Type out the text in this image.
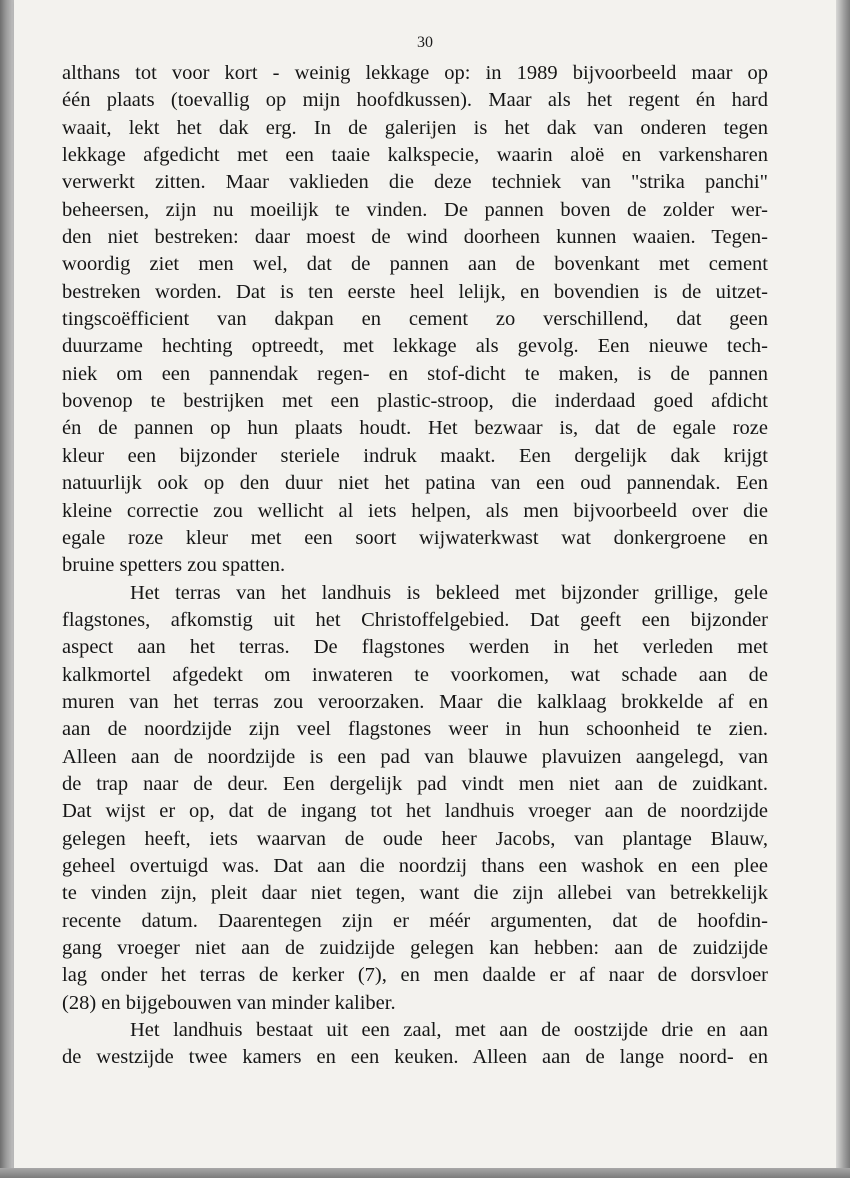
30
althans tot voor kort - weinig lekkage op: in 1989 bijvoorbeeld maar op
één plaats (toevallig op mijn hoofdkussen). Maar als het regent én hard
waait, lekt het dak erg. In de galerijen is het dak van onderen tegen
lekkage afgedicht met een taaie kalkspecie, waarin aloë en varkensharen
verwerkt zitten. Maar vaklieden die deze techniek van "strika panchi"
beheersen, zijn nu moeilijk te vinden. De pannen boven de zolder wer-
den niet bestreken: daar moest de wind doorheen kunnen waaien. Tegen-
woordig ziet men wel, dat de pannen aan de bovenkant met cement
bestreken worden. Dat is ten eerste heel lelijk, en bovendien is de uitzet-
tingscoëfficient van dakpan en cement zo verschillend, dat geen
duurzame hechting optreedt, met lekkage als gevolg. Een nieuwe tech-
niek om een pannendak regen- en stof-dicht te maken, is de pannen
bovenop te bestrijken met een plastic-stroop, die inderdaad goed afdicht
én de pannen op hun plaats houdt. Het bezwaar is, dat de egale roze
kleur een bijzonder steriele indruk maakt. Een dergelijk dak krijgt
natuurlijk ook op den duur niet het patina van een oud pannendak. Een
kleine correctie zou wellicht al iets helpen, als men bijvoorbeeld over die
egale roze kleur met een soort wijwaterkwast wat donkergroene en
bruine spetters zou spatten.
Het terras van het landhuis is bekleed met bijzonder grillige, gele
flagstones, afkomstig uit het Christoffelgebied. Dat geeft een bijzonder
aspect aan het terras. De flagstones werden in het verleden met
kalkmortel afgedekt om inwateren te voorkomen, wat schade aan de
muren van het terras zou veroorzaken. Maar die kalklaag brokkelde af en
aan de noordzijde zijn veel flagstones weer in hun schoonheid te zien.
Alleen aan de noordzijde is een pad van blauwe plavuizen aangelegd, van
de trap naar de deur. Een dergelijk pad vindt men niet aan de zuidkant.
Dat wijst er op, dat de ingang tot het landhuis vroeger aan de noordzijde
gelegen heeft, iets waarvan de oude heer Jacobs, van plantage Blauw,
geheel overtuigd was. Dat aan die noordzij thans een washok en een plee
te vinden zijn, pleit daar niet tegen, want die zijn allebei van betrekkelijk
recente datum. Daarentegen zijn er méér argumenten, dat de hoofdin-
gang vroeger niet aan de zuidzijde gelegen kan hebben: aan de zuidzijde
lag onder het terras de kerker (7), en men daalde er af naar de dorsvloer
(28) en bijgebouwen van minder kaliber.
Het landhuis bestaat uit een zaal, met aan de oostzijde drie en aan
de westzijde twee kamers en een keuken. Alleen aan de lange noord- en
